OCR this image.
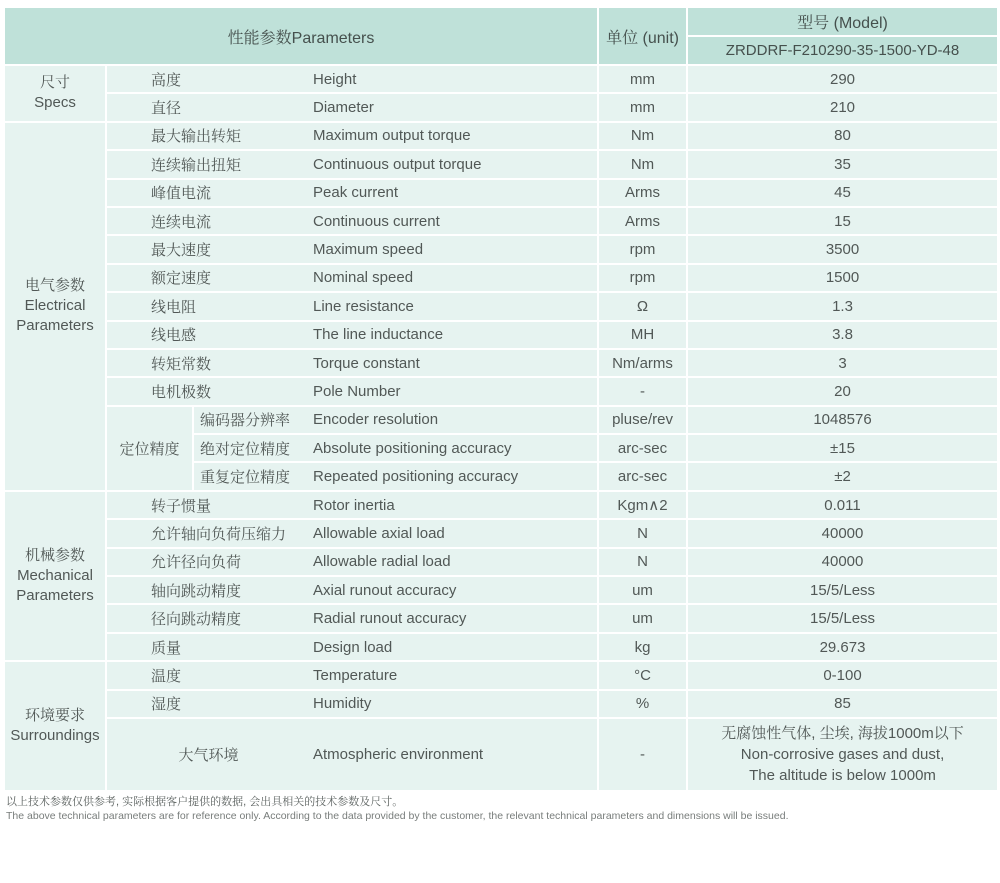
性能参数Parameters				单位 (unit)	型号 (Model)
					ZRDDRF-F210290-35-1500-YD-48

尺寸
Specs	高度		Height	mm	290
	直径		Diameter	mm	210

电气参数
Electrical
Parameters	最大输出转矩		Maximum output torque	Nm	80
	连续输出扭矩		Continuous output torque	Nm	35
	峰值电流		Peak current	Arms	45
	连续电流		Continuous current	Arms	15
	最大速度		Maximum speed	rpm	3500
	额定速度		Nominal speed	rpm	1500
	线电阻		Line resistance	Ω	1.3
	线电感		The line inductance	MH	3.8
	转矩常数		Torque constant	Nm/arms	3
	电机极数		Pole Number	-	20
	定位精度	编码器分辨率	Encoder resolution	pluse/rev	1048576
		绝对定位精度	Absolute positioning accuracy	arc-sec	±15
		重复定位精度	Repeated positioning accuracy	arc-sec	±2

机械参数
Mechanical
Parameters	转子惯量		Rotor inertia	Kgm∧2	0.011
	允许轴向负荷压缩力		Allowable axial load	N	40000
	允许径向负荷		Allowable radial load	N	40000
	轴向跳动精度		Axial runout accuracy	um	15/5/Less
	径向跳动精度		Radial runout accuracy	um	15/5/Less
	质量		Design load	kg	29.673

环境要求
Surroundings	温度		Temperature	°C	0-100
	湿度		Humidity	%	85
	大气环境		Atmospheric environment	-	无腐蚀性气体, 尘埃, 海拔1000m以下
Non-corrosive gases and dust,
The altitude is below 1000m
以上技术参数仅供参考, 实际根据客户提供的数据, 会出具相关的技术参数及尺寸。
The above technical parameters are for reference only. According to the data provided by the customer, the relevant technical parameters and dimensions will be issued.
